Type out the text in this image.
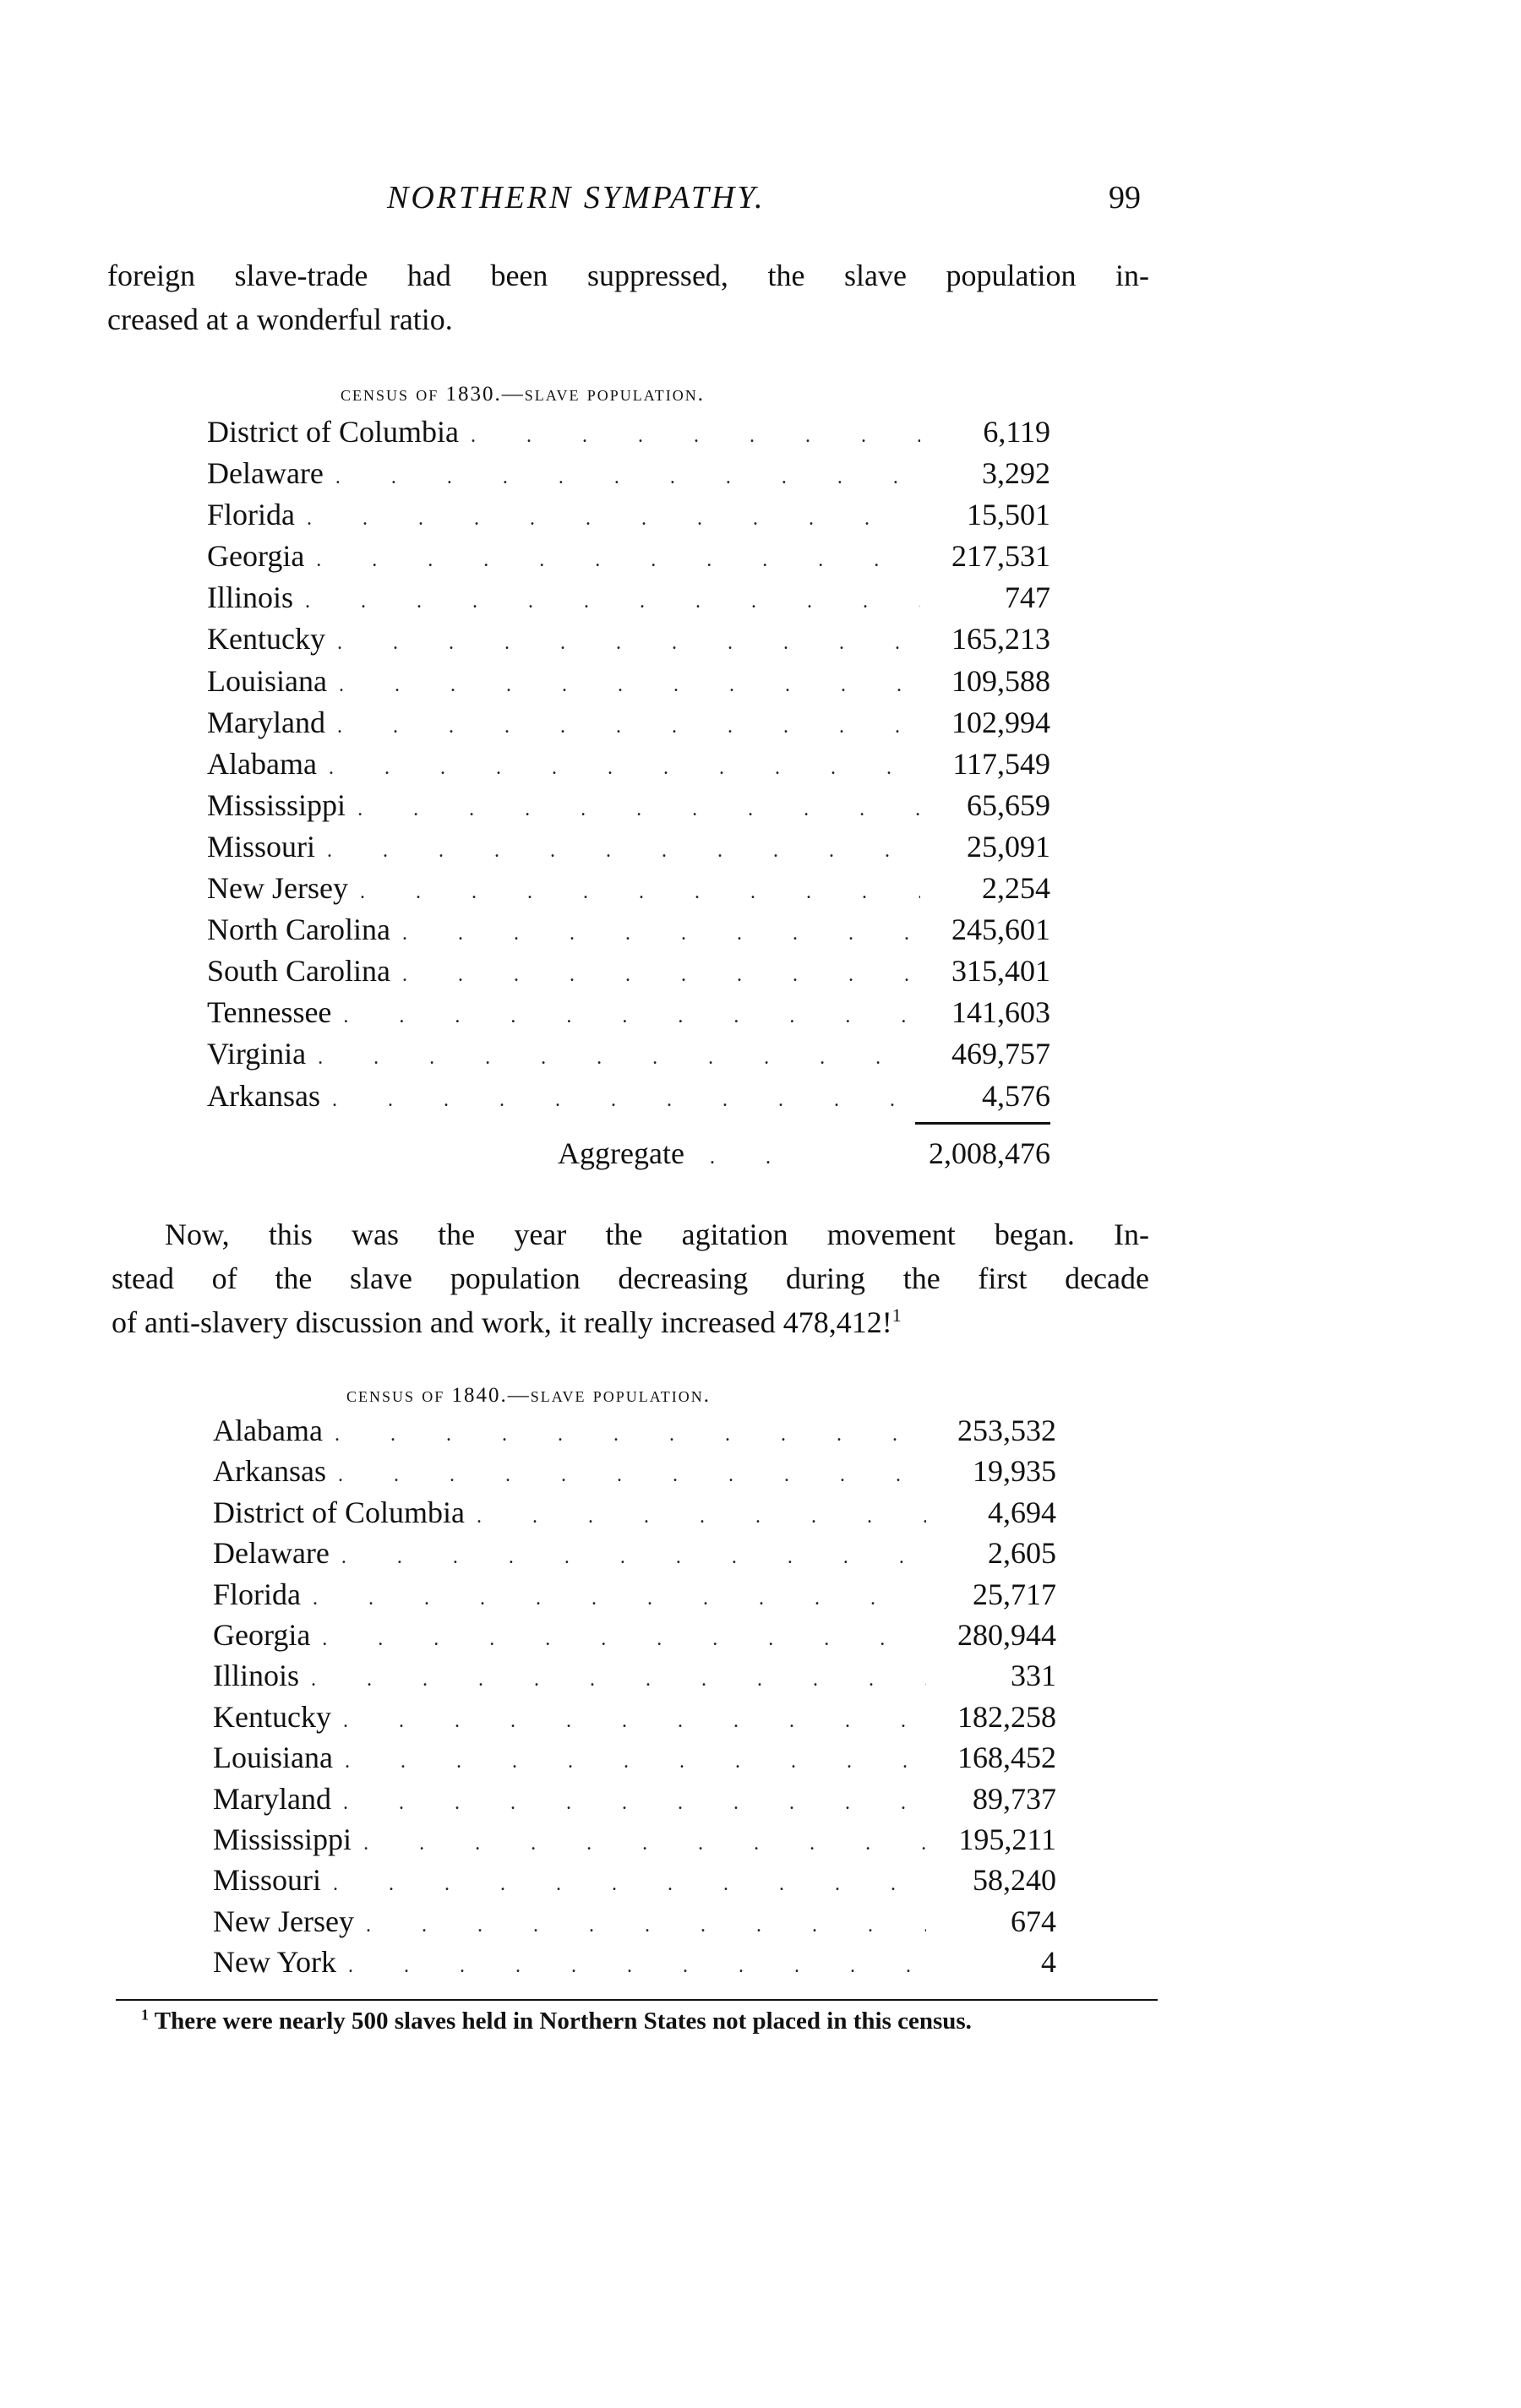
NORTHERN SYMPATHY.	99
foreign slave-trade had been suppressed, the slave population in-
creased at a wonderful ratio.
census of 1830.—slave population.
District of Columbia .	6,119
Delaware .	3,292
Florida .	15,501
Georgia .	217,531
Illinois .	747
Kentucky .	165,213
Louisiana .	109,588
Maryland .	102,994
Alabama .	117,549
Mississippi .	65,659
Missouri .	25,091
New Jersey .	2,254
North Carolina .	245,601
South Carolina .	315,401
Tennessee .	141,603
Virginia .	469,757
Arkansas .	4,576
Aggregate .	2,008,476
Now, this was the year the agitation movement began. In-
stead of the slave population decreasing during the first decade
of anti-slavery discussion and work, it really increased 478,412!$^1$
census of 1840.—slave population.
Alabama .	253,532
Arkansas .	19,935
District of Columbia .	4,694
Delaware .	2,605
Florida .	25,717
Georgia .	280,944
Illinois .	331
Kentucky .	182,258
Louisiana .	168,452
Maryland .	89,737
Mississippi .	195,211
Missouri .	58,240
New Jersey .	674
New York .	4
$^1$ There were nearly 500 slaves held in Northern States not placed in this census.
